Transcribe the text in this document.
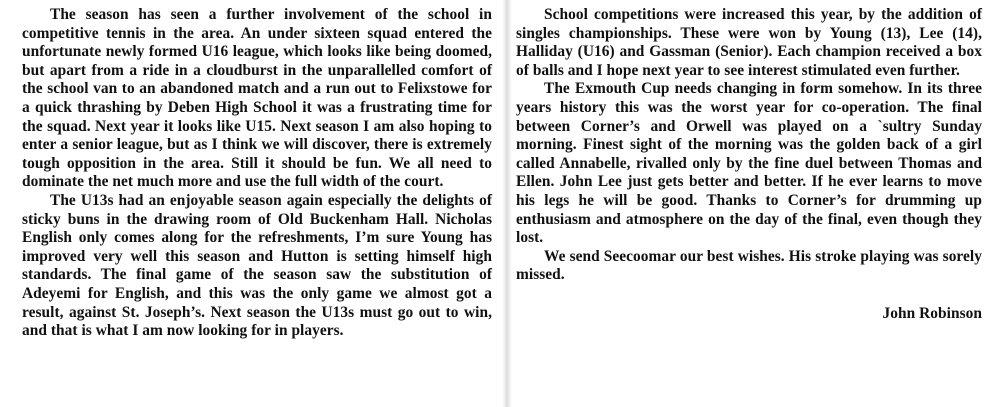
The season has seen a further involvement of the school in competitive tennis in the area. An under sixteen squad entered the unfortunate newly formed U16 league, which looks like being doomed, but apart from a ride in a cloudburst in the unparallelled comfort of the school van to an abandoned match and a run out to Felixstowe for a quick thrashing by Deben High School it was a frustrating time for the squad. Next year it looks like U15. Next season I am also hoping to enter a senior league, but as I think we will discover, there is extremely tough opposition in the area. Still it should be fun. We all need to dominate the net much more and use the full width of the court.

The U13s had an enjoyable season again especially the delights of sticky buns in the drawing room of Old Buckenham Hall. Nicholas English only comes along for the refreshments, I’m sure Young has improved very well this season and Hutton is setting himself high standards. The final game of the season saw the substitution of Adeyemi for English, and this was the only game we almost got a result, against St. Joseph’s. Next season the U13s must go out to win, and that is what I am now looking for in players.

School competitions were increased this year, by the addition of singles championships. These were won by Young (13), Lee (14), Halliday (U16) and Gassman (Senior). Each champion received a box of balls and I hope next year to see interest stimulated even further.

The Exmouth Cup needs changing in form somehow. In its three years history this was the worst year for co-operation. The final between Corner’s and Orwell was played on a `sultry Sunday morning. Finest sight of the morning was the golden back of a girl called Annabelle, rivalled only by the fine duel between Thomas and Ellen. John Lee just gets better and better. If he ever learns to move his legs he will be good. Thanks to Corner’s for drumming up enthusiasm and atmosphere on the day of the final, even though they lost.

We send Seecoomar our best wishes. His stroke playing was sorely missed.

John Robinson
